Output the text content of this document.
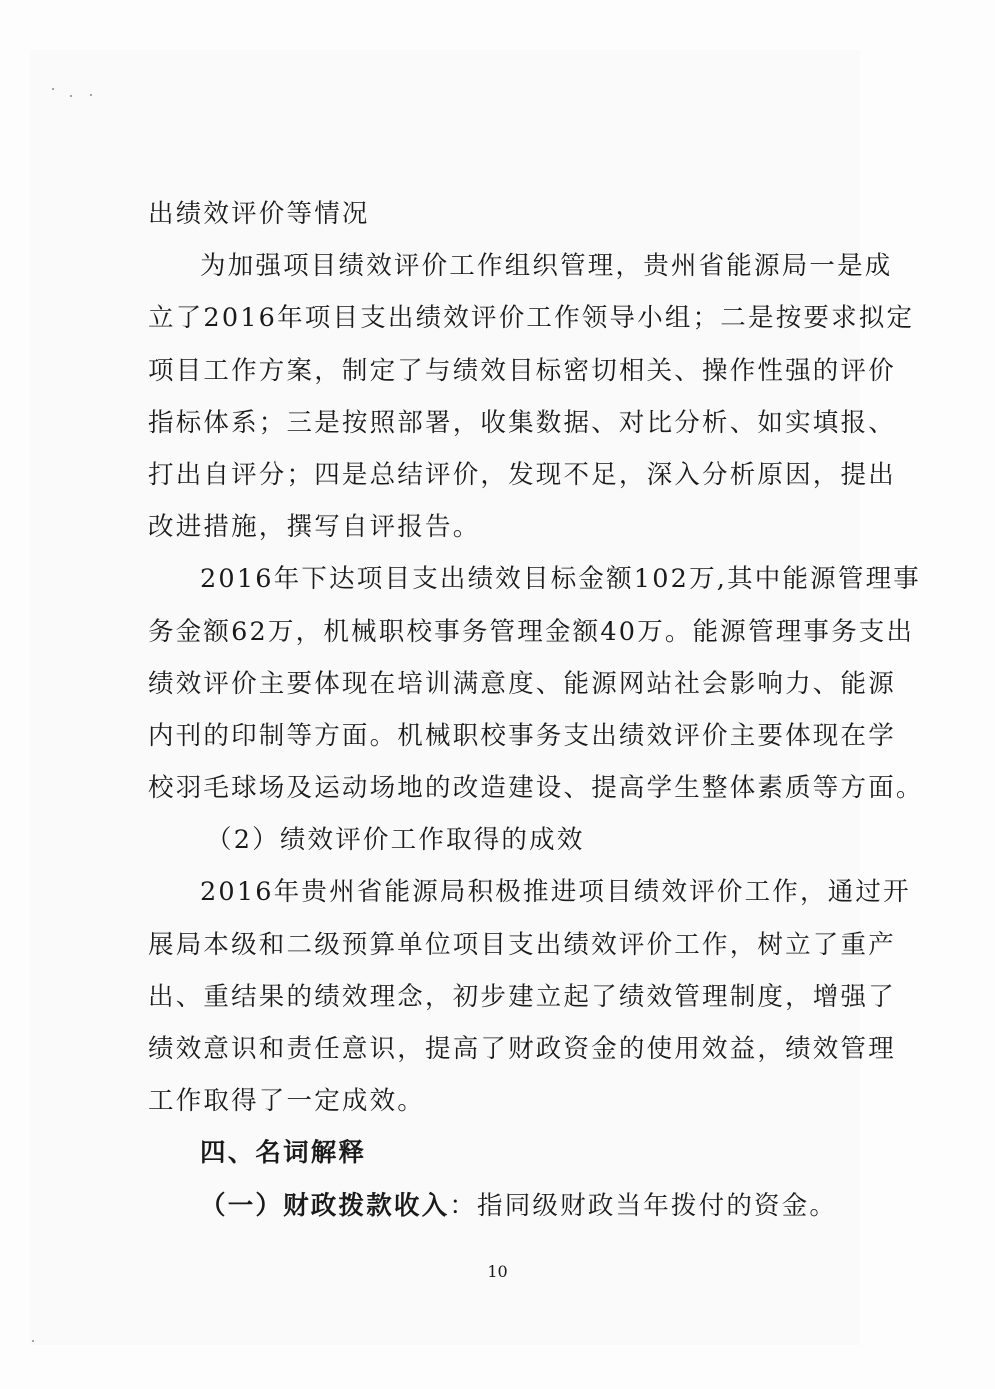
出绩效评价等情况
为加强项目绩效评价工作组织管理，贵州省能源局一是成
立了2016年项目支出绩效评价工作领导小组；二是按要求拟定
项目工作方案，制定了与绩效目标密切相关、操作性强的评价
指标体系；三是按照部署，收集数据、对比分析、如实填报、
打出自评分；四是总结评价，发现不足，深入分析原因，提出
改进措施，撰写自评报告。
2016年下达项目支出绩效目标金额102万,其中能源管理事
务金额62万，机械职校事务管理金额40万。能源管理事务支出
绩效评价主要体现在培训满意度、能源网站社会影响力、能源
内刊的印制等方面。机械职校事务支出绩效评价主要体现在学
校羽毛球场及运动场地的改造建设、提高学生整体素质等方面。
（2）绩效评价工作取得的成效
2016年贵州省能源局积极推进项目绩效评价工作，通过开
展局本级和二级预算单位项目支出绩效评价工作，树立了重产
出、重结果的绩效理念，初步建立起了绩效管理制度，增强了
绩效意识和责任意识，提高了财政资金的使用效益，绩效管理
工作取得了一定成效。
四、名词解释
（一）财政拨款收入：指同级财政当年拨付的资金。
10
